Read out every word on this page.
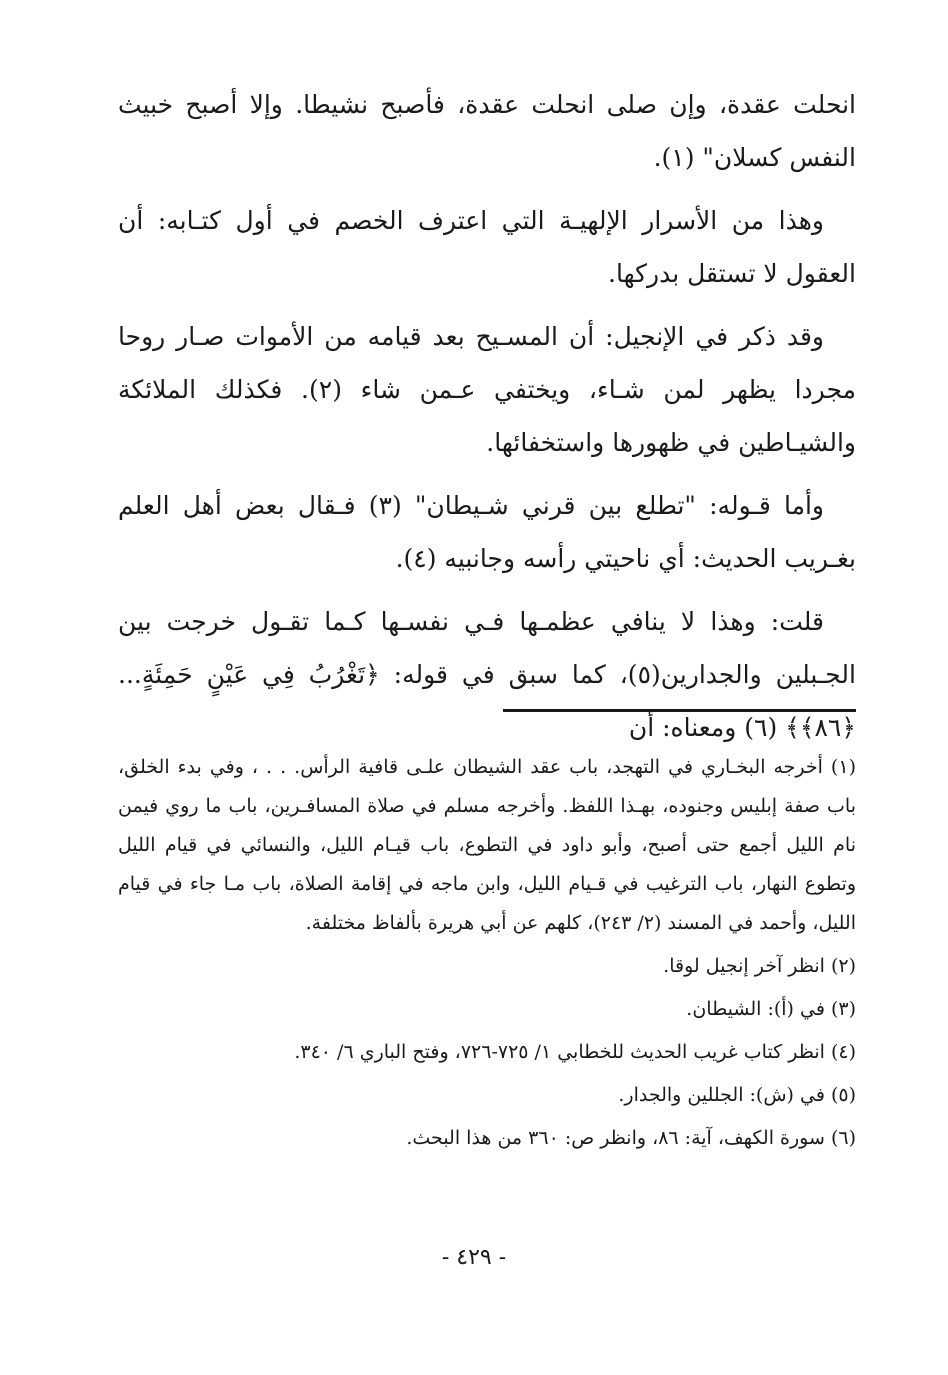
انحلت عقدة، وإن صلى انحلت عقدة، فأصبح نشيطا. وإلا أصبح خبيث النفس كسلان" (١).

وهذا من الأسرار الإلهيـة التي اعترف الخصم في أول كتـابه: أن العقول لا تستقل بدركها.

وقد ذكر في الإنجيل: أن المسـيح بعد قيامه من الأموات صـار روحا مجردا يظهر لمن شـاء، ويختفي عـمن شاء (٢). فكذلك الملائكة والشيـاطين في ظهورها واستخفائها.

وأما قـوله: "تطلع بين قرني شـيطان" (٣) فـقال بعض أهل العلم بغـريب الحديث: أي ناحيتي رأسه وجانبيه (٤).

قلت: وهذا لا ينافي عظمـها فـي نفسـها كـما تقـول خرجت بين الجـبلين والجدارين(٥)، كما سبق في قوله: ﴿تَغْرُبُ فِي عَيْنٍ حَمِئَةٍ... ﴿٨٦﴾﴾ (٦) ومعناه: أن

(١) أخرجه البخـاري في التهجد، باب عقد الشيطان علـى قافية الرأس. . . ، وفي بدء الخلق، باب صفة إبليس وجنوده، بهـذا اللفظ. وأخرجه مسلم في صلاة المسافـرين، باب ما روي فيمن نام الليل أجمع حتى أصبح، وأبو داود في التطوع، باب قيـام الليل، والنسائي في قيام الليل وتطوع النهار، باب الترغيب في قـيام الليل، وابن ماجه في إقامة الصلاة، باب مـا جاء في قيام الليل، وأحمد في المسند (٢/ ٢٤٣)، كلهم عن أبي هريرة بألفاظ مختلفة.
(٢) انظر آخر إنجيل لوقا.
(٣) في (أ): الشيطان.
(٤) انظر كتاب غريب الحديث للخطابي ١/ ٧٢٥-٧٢٦، وفتح الباري ٦/ ٣٤٠.
(٥) في (ش): الجللين والجدار.
(٦) سورة الكهف، آية: ٨٦، وانظر ص: ٣٦٠ من هذا البحث.
- ٤٢٩ -
